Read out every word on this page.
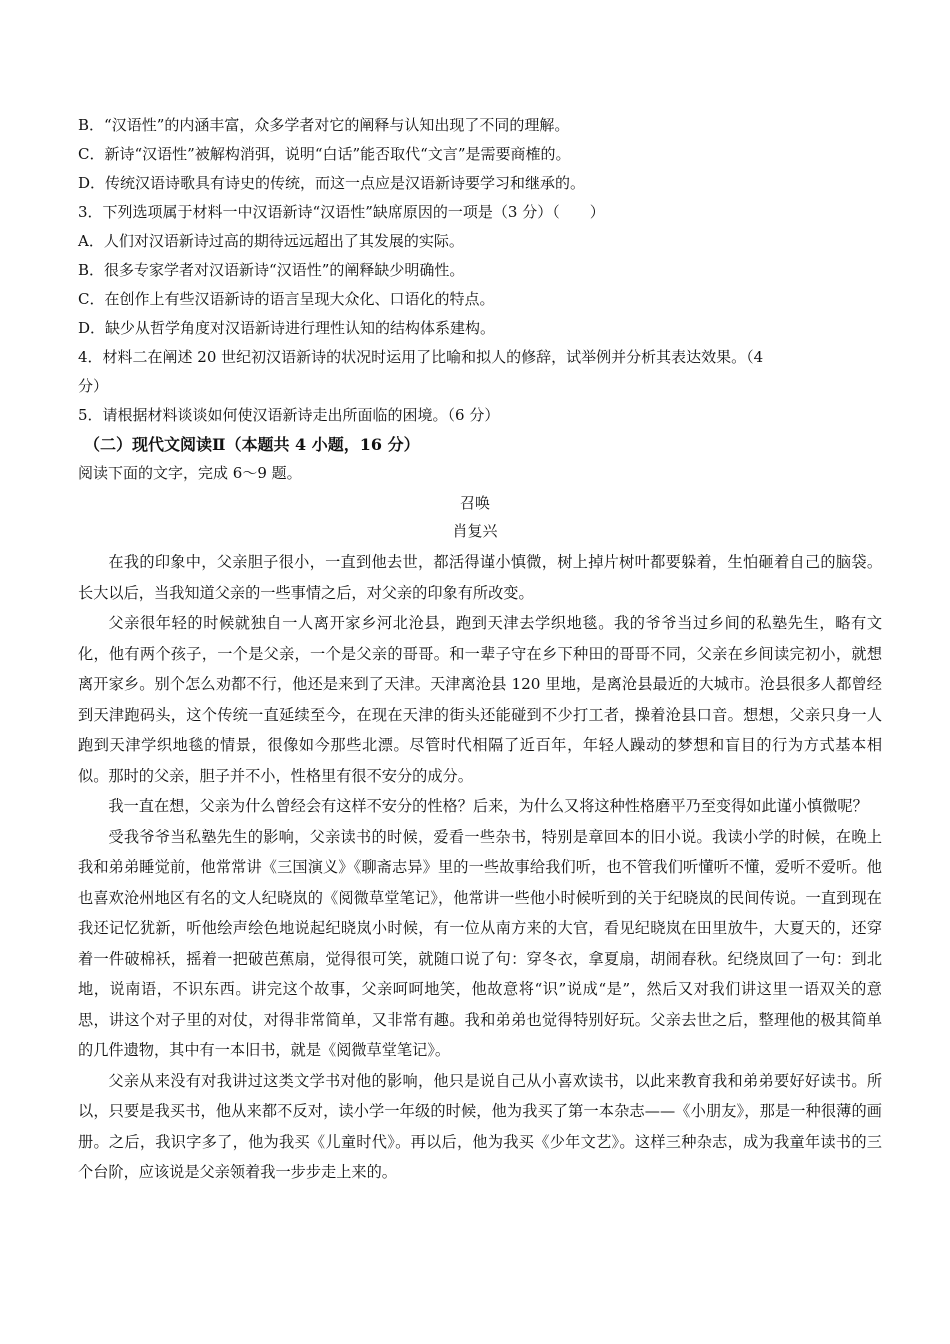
B．“汉语性”的内涵丰富，众多学者对它的阐释与认知出现了不同的理解。
C．新诗“汉语性”被解构消弭，说明“白话”能否取代“文言”是需要商榷的。
D．传统汉语诗歌具有诗史的传统，而这一点应是汉语新诗要学习和继承的。
3．下列选项属于材料一中汉语新诗“汉语性”缺席原因的一项是（3 分）（　　）
A．人们对汉语新诗过高的期待远远超出了其发展的实际。
B．很多专家学者对汉语新诗“汉语性”的阐释缺少明确性。
C．在创作上有些汉语新诗的语言呈现大众化、口语化的特点。
D．缺少从哲学角度对汉语新诗进行理性认知的结构体系建构。
4．材料二在阐述 20 世纪初汉语新诗的状况时运用了比喻和拟人的修辞，试举例并分析其表达效果。（4
分）
5．请根据材料谈谈如何使汉语新诗走出所面临的困境。（6 分）
（二）现代文阅读Ⅱ（本题共 4 小题，16 分）
阅读下面的文字，完成 6～9 题。
召唤
肖复兴

在我的印象中，父亲胆子很小，一直到他去世，都活得谨小慎微，树上掉片树叶都要躲着，生怕砸着自己的脑袋。长大以后，当我知道父亲的一些事情之后，对父亲的印象有所改变。

父亲很年轻的时候就独自一人离开家乡河北沧县，跑到天津去学织地毯。我的爷爷当过乡间的私塾先生，略有文化，他有两个孩子，一个是父亲，一个是父亲的哥哥。和一辈子守在乡下种田的哥哥不同，父亲在乡间读完初小，就想离开家乡。别个怎么劝都不行，他还是来到了天津。天津离沧县 120 里地，是离沧县最近的大城市。沧县很多人都曾经到天津跑码头，这个传统一直延续至今，在现在天津的街头还能碰到不少打工者，操着沧县口音。想想，父亲只身一人跑到天津学织地毯的情景，很像如今那些北漂。尽管时代相隔了近百年，年轻人躁动的梦想和盲目的行为方式基本相似。那时的父亲，胆子并不小，性格里有很不安分的成分。

我一直在想，父亲为什么曾经会有这样不安分的性格？后来，为什么又将这种性格磨平乃至变得如此谨小慎微呢？

受我爷爷当私塾先生的影响，父亲读书的时候，爱看一些杂书，特别是章回本的旧小说。我读小学的时候，在晚上我和弟弟睡觉前，他常常讲《三国演义》《聊斋志异》里的一些故事给我们听，也不管我们听懂听不懂，爱听不爱听。他也喜欢沧州地区有名的文人纪晓岚的《阅微草堂笔记》，他常讲一些他小时候听到的关于纪晓岚的民间传说。一直到现在我还记忆犹新，听他绘声绘色地说起纪晓岚小时候，有一位从南方来的大官，看见纪晓岚在田里放牛，大夏天的，还穿着一件破棉袄，摇着一把破芭蕉扇，觉得很可笑，就随口说了句：穿冬衣，拿夏扇，胡闹春秋。纪绕岚回了一句：到北地，说南语，不识东西。讲完这个故事，父亲呵呵地笑，他故意将“识”说成“是”，然后又对我们讲这里一语双关的意思，讲这个对子里的对仗，对得非常简单，又非常有趣。我和弟弟也觉得特别好玩。父亲去世之后，整理他的极其简单的几件遗物，其中有一本旧书，就是《阅微草堂笔记》。

父亲从来没有对我讲过这类文学书对他的影响，他只是说自己从小喜欢读书，以此来教育我和弟弟要好好读书。所以，只要是我买书，他从来都不反对，读小学一年级的时候，他为我买了第一本杂志——《小朋友》，那是一种很薄的画册。之后，我识字多了，他为我买《儿童时代》。再以后，他为我买《少年文艺》。这样三种杂志，成为我童年读书的三个台阶，应该说是父亲领着我一步步走上来的。
